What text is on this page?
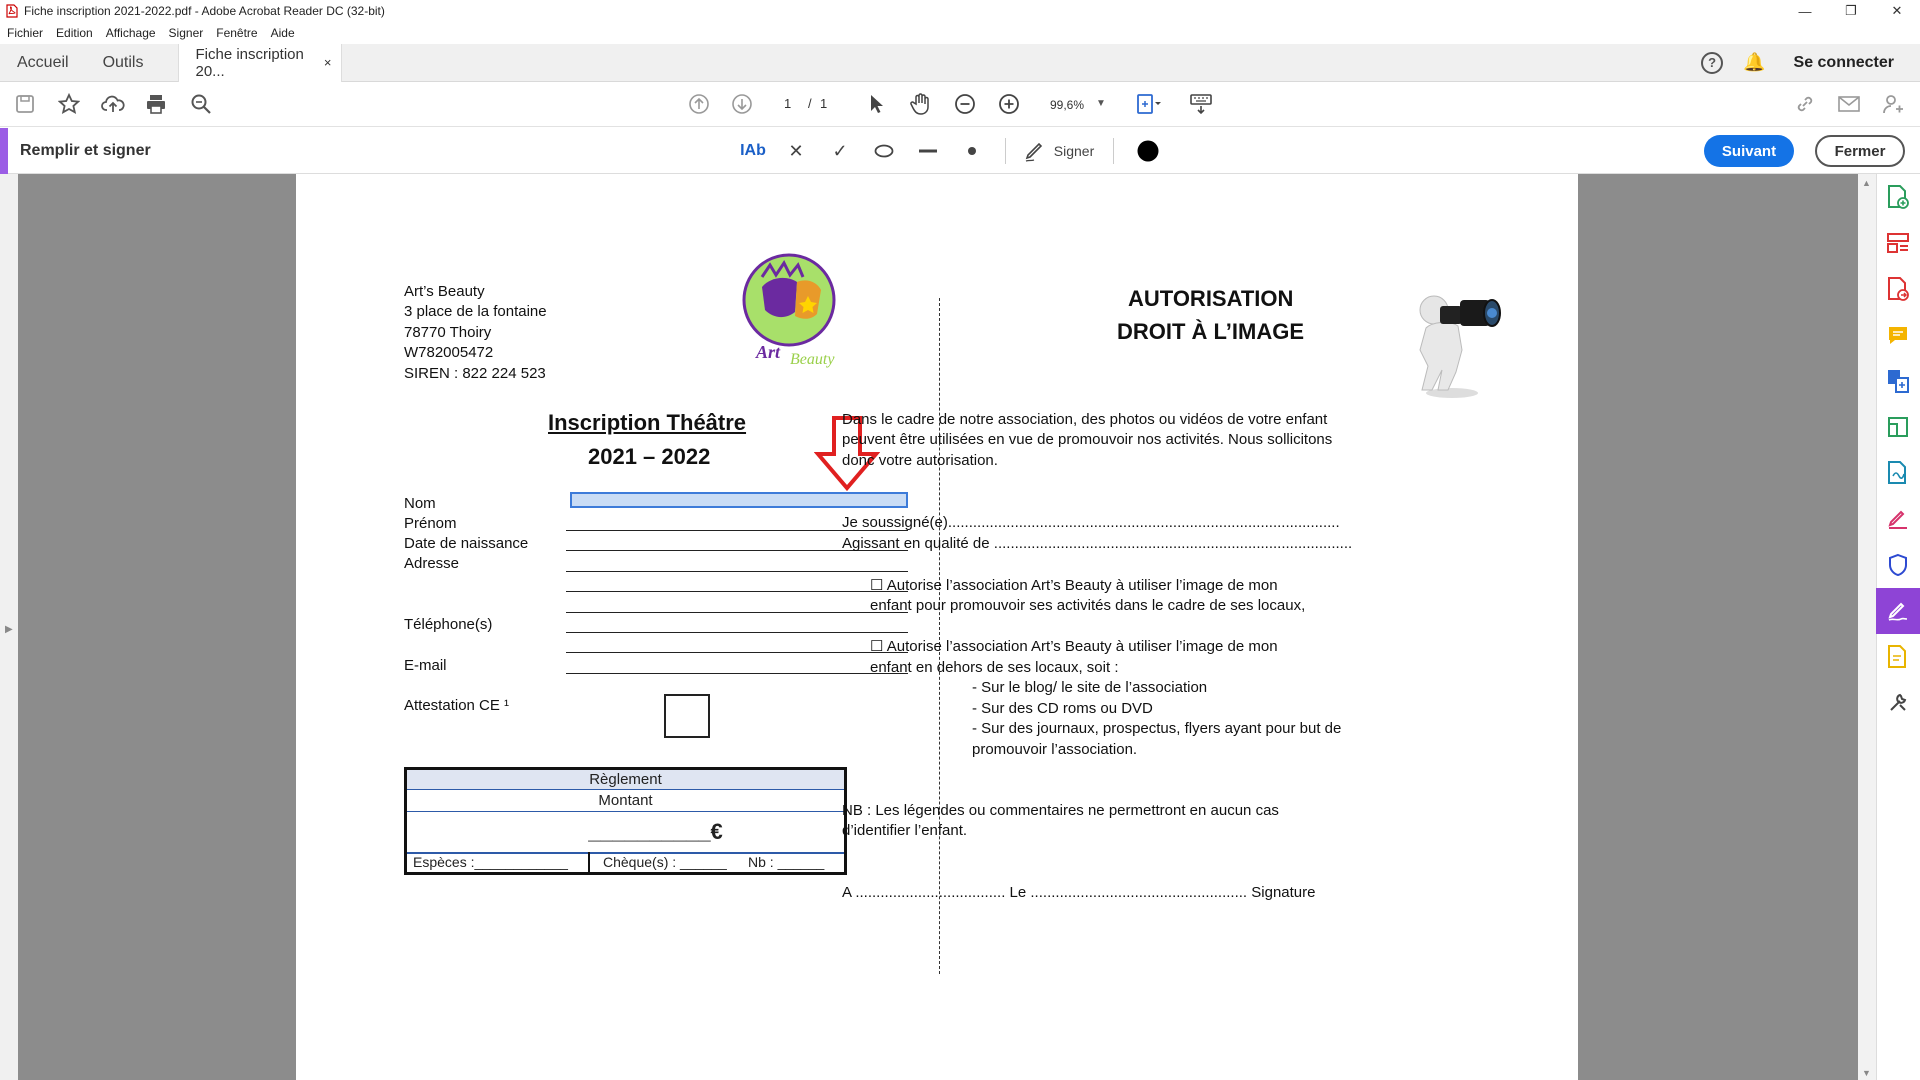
Fiche inscription 2021-2022.pdf - Adobe Acrobat Reader DC (32-bit)	—	❐	✕
Fichier Edition Affichage Signer Fenêtre Aide
Accueil	Outils	Fiche inscription 20...	×	?	🔔 Se connecter
1 / 1	99,6% ▼
Remplir et signer	IAb ✕ ✓	Signer	Suivant	Fermer
▶
Art’s Beauty
3 place de la fontaine
78770 Thoiry
W782005472
SIREN : 822 224 523
Art Beauty
Inscription Théâtre
2021 – 2022
Nom
Prénom
Date de naissance
Adresse
Téléphone(s)
E-mail
Attestation CE ¹
Règlement
Montant
__________€
Espèces :____________	Chèque(s) : ______ Nb : ______
AUTORISATION
DROIT À L’IMAGE
Dans le cadre de notre association, des photos ou vidéos de votre enfant
peuvent être utilisées en vue de promouvoir nos activités. Nous sollicitons
donc votre autorisation.
Je soussigné(e)..............................................................................................
Agissant en qualité de ......................................................................................
☐ Autorise l’association Art’s Beauty à utiliser l’image de mon
enfant pour promouvoir ses activités dans le cadre de ses locaux,
☐ Autorise l’association Art’s Beauty à utiliser l’image de mon
enfant en dehors de ses locaux, soit :
- Sur le blog/ le site de l’association
- Sur des CD roms ou DVD
- Sur des journaux, prospectus, flyers ayant pour but de
promouvoir l’association.
NB : Les légendes ou commentaires ne permettront en aucun cas
d’identifier l’enfant.
A .................................... Le .................................................... Signature
▲
▼
